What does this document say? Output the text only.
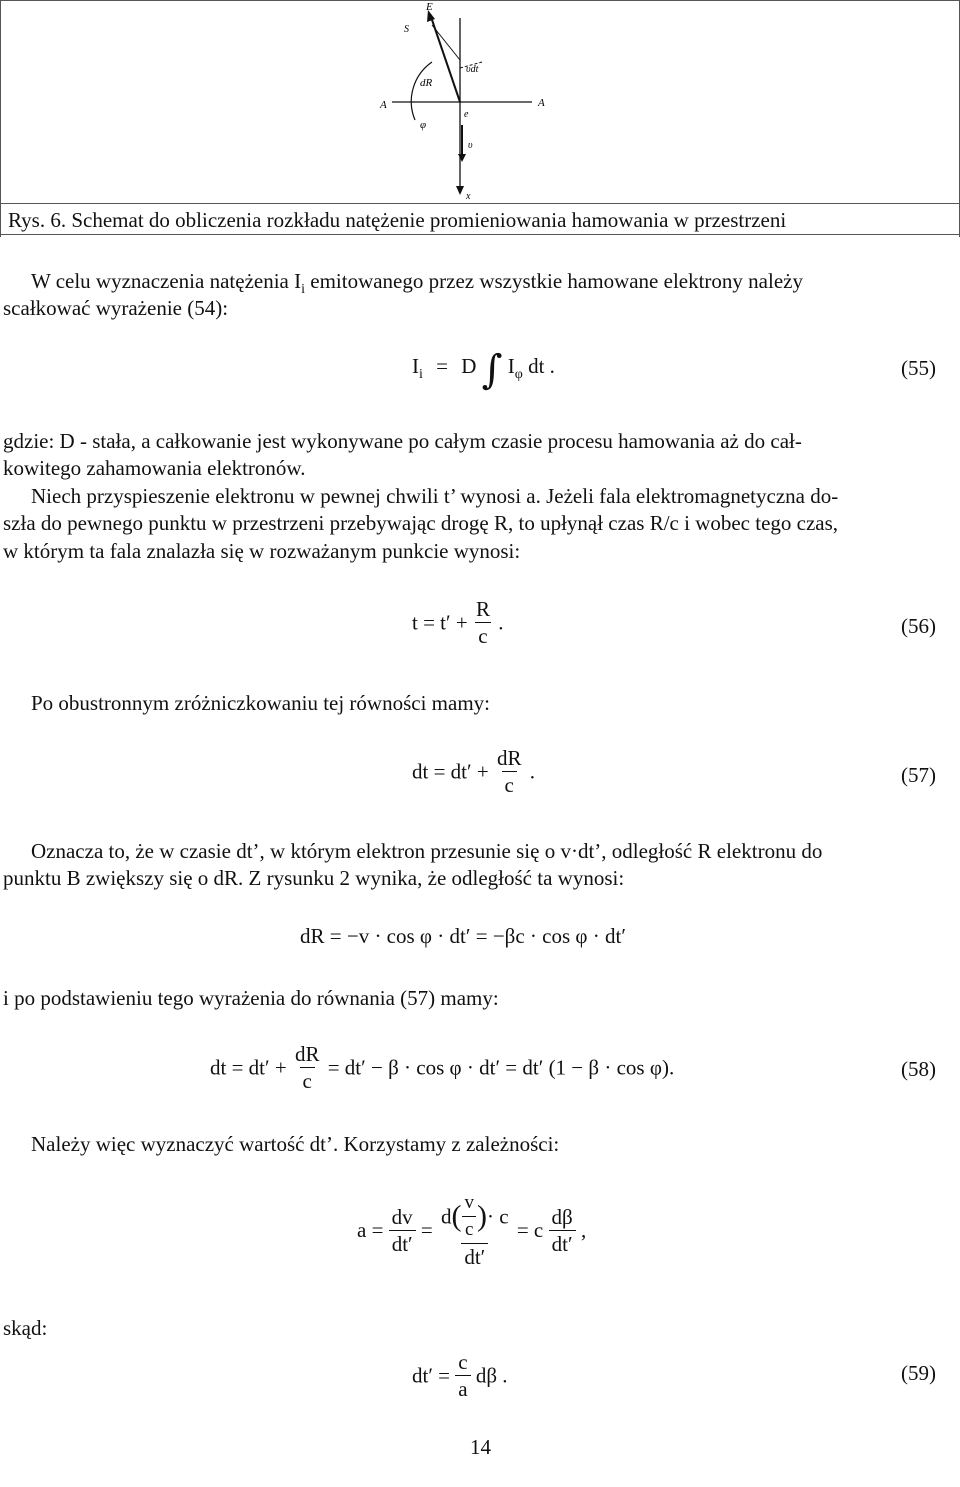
E
S
dR
υdt
A	A
φ
e
υ
x
Rys. 6. Schemat do obliczenia rozkładu natężenie promieniowania hamowania w przestrzeni
W celu wyznaczenia natężenia $I_i$ emitowanego przez wszystkie hamowane elektrony należy
scałkować wyrażenie (54):
$I_i = D$ ∫ $I_\varphi$ dt .	(55)
gdzie: D - stała, a całkowanie jest wykonywane po całym czasie procesu hamowania aż do cał-
kowitego zahamowania elektronów.
Niech przyspieszenie elektronu w pewnej chwili t’ wynosi a. Jeżeli fala elektromagnetyczna do-
szła do pewnego punktu w przestrzeni przebywając drogę R, to upłynął czas R/c i wobec tego czas,
w którym ta fala znalazła się w rozważanym punkcie wynosi:
$t = t' + \frac{R}{c}$ .	(56)
Po obustronnym zróżniczkowaniu tej równości mamy:
dt = $dt' + \frac{dR}{c}$ .	(57)
Oznacza to, że w czasie dt’, w którym elektron przesunie się o v·dt’, odległość R elektronu do
punktu B zwiększy się o dR. Z rysunku 2 wynika, że odległość ta wynosi:
dR = −v · cos φ · dt′ = −βc · cos φ · dt′
i po podstawieniu tego wyrażenia do równania (57) mamy:
dt = $dt' + \frac{dR}{c} = dt' - \beta \cdot \cos \varphi \cdot dt' = dt'$ (1 − β · cos φ).	(58)
Należy więc wyznaczyć wartość dt’. Korzystamy z zależności:
$a = \frac{dv}{dt'} = \frac{d( \frac{v}{c} )\cdot c}{dt'} = c \frac{d\beta}{dt'}$ ,
skąd:
$dt' = \frac{c}{a}$ dβ .	(59)
14
